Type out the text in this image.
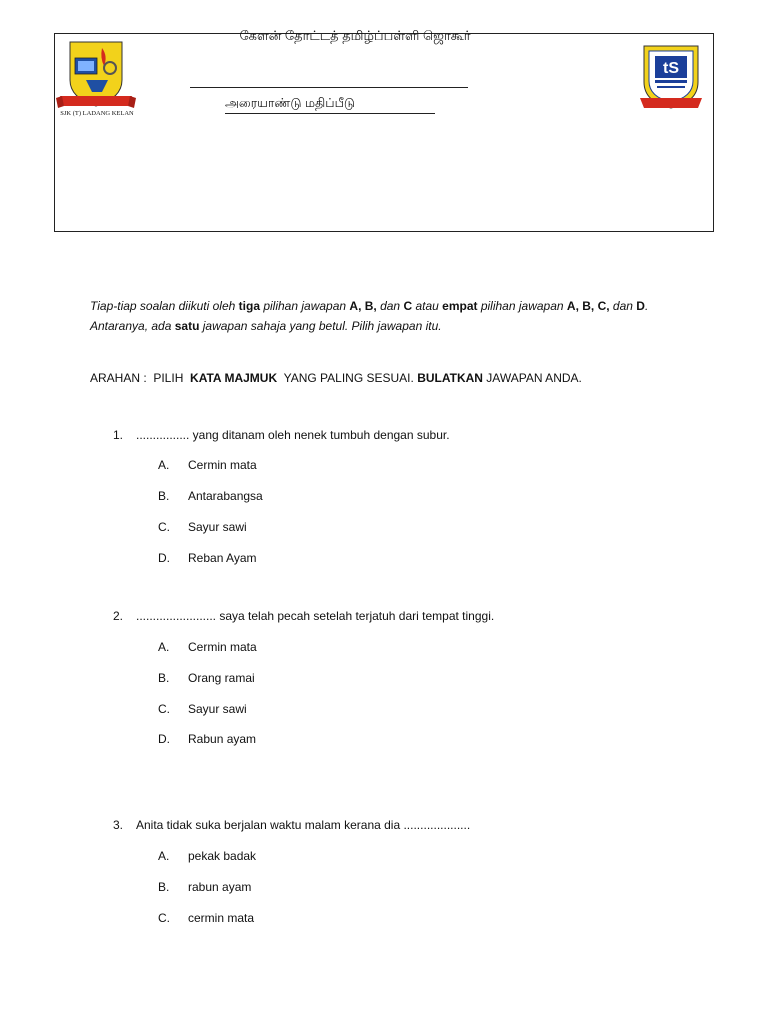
SJK (T) LADANG KELAN
tS
கேளன் தோட்டத் தமிழ்ப்பள்ளி ஜொகூர்
அரையாண்டு மதிப்பீடு
Tiap-tiap soalan diikuti oleh tiga pilihan jawapan A, B, dan C atau empat pilihan jawapan A, B, C, dan D.
Antaranya, ada satu jawapan sahaja yang betul. Pilih jawapan itu.
ARAHAN :  PILIH  KATA MAJMUK  YANG PALING SESUAI. BULATKAN JAWAPAN ANDA.
1. ................ yang ditanam oleh nenek tumbuh dengan subur.
A. Cermin mata
B. Antarabangsa
C. Sayur sawi
D. Reban Ayam
2. ........................ saya telah pecah setelah terjatuh dari tempat tinggi.
A. Cermin mata
B. Orang ramai
C. Sayur sawi
D. Rabun ayam
3. Anita tidak suka berjalan waktu malam kerana dia ....................
A. pekak badak
B. rabun ayam
C. cermin mata
